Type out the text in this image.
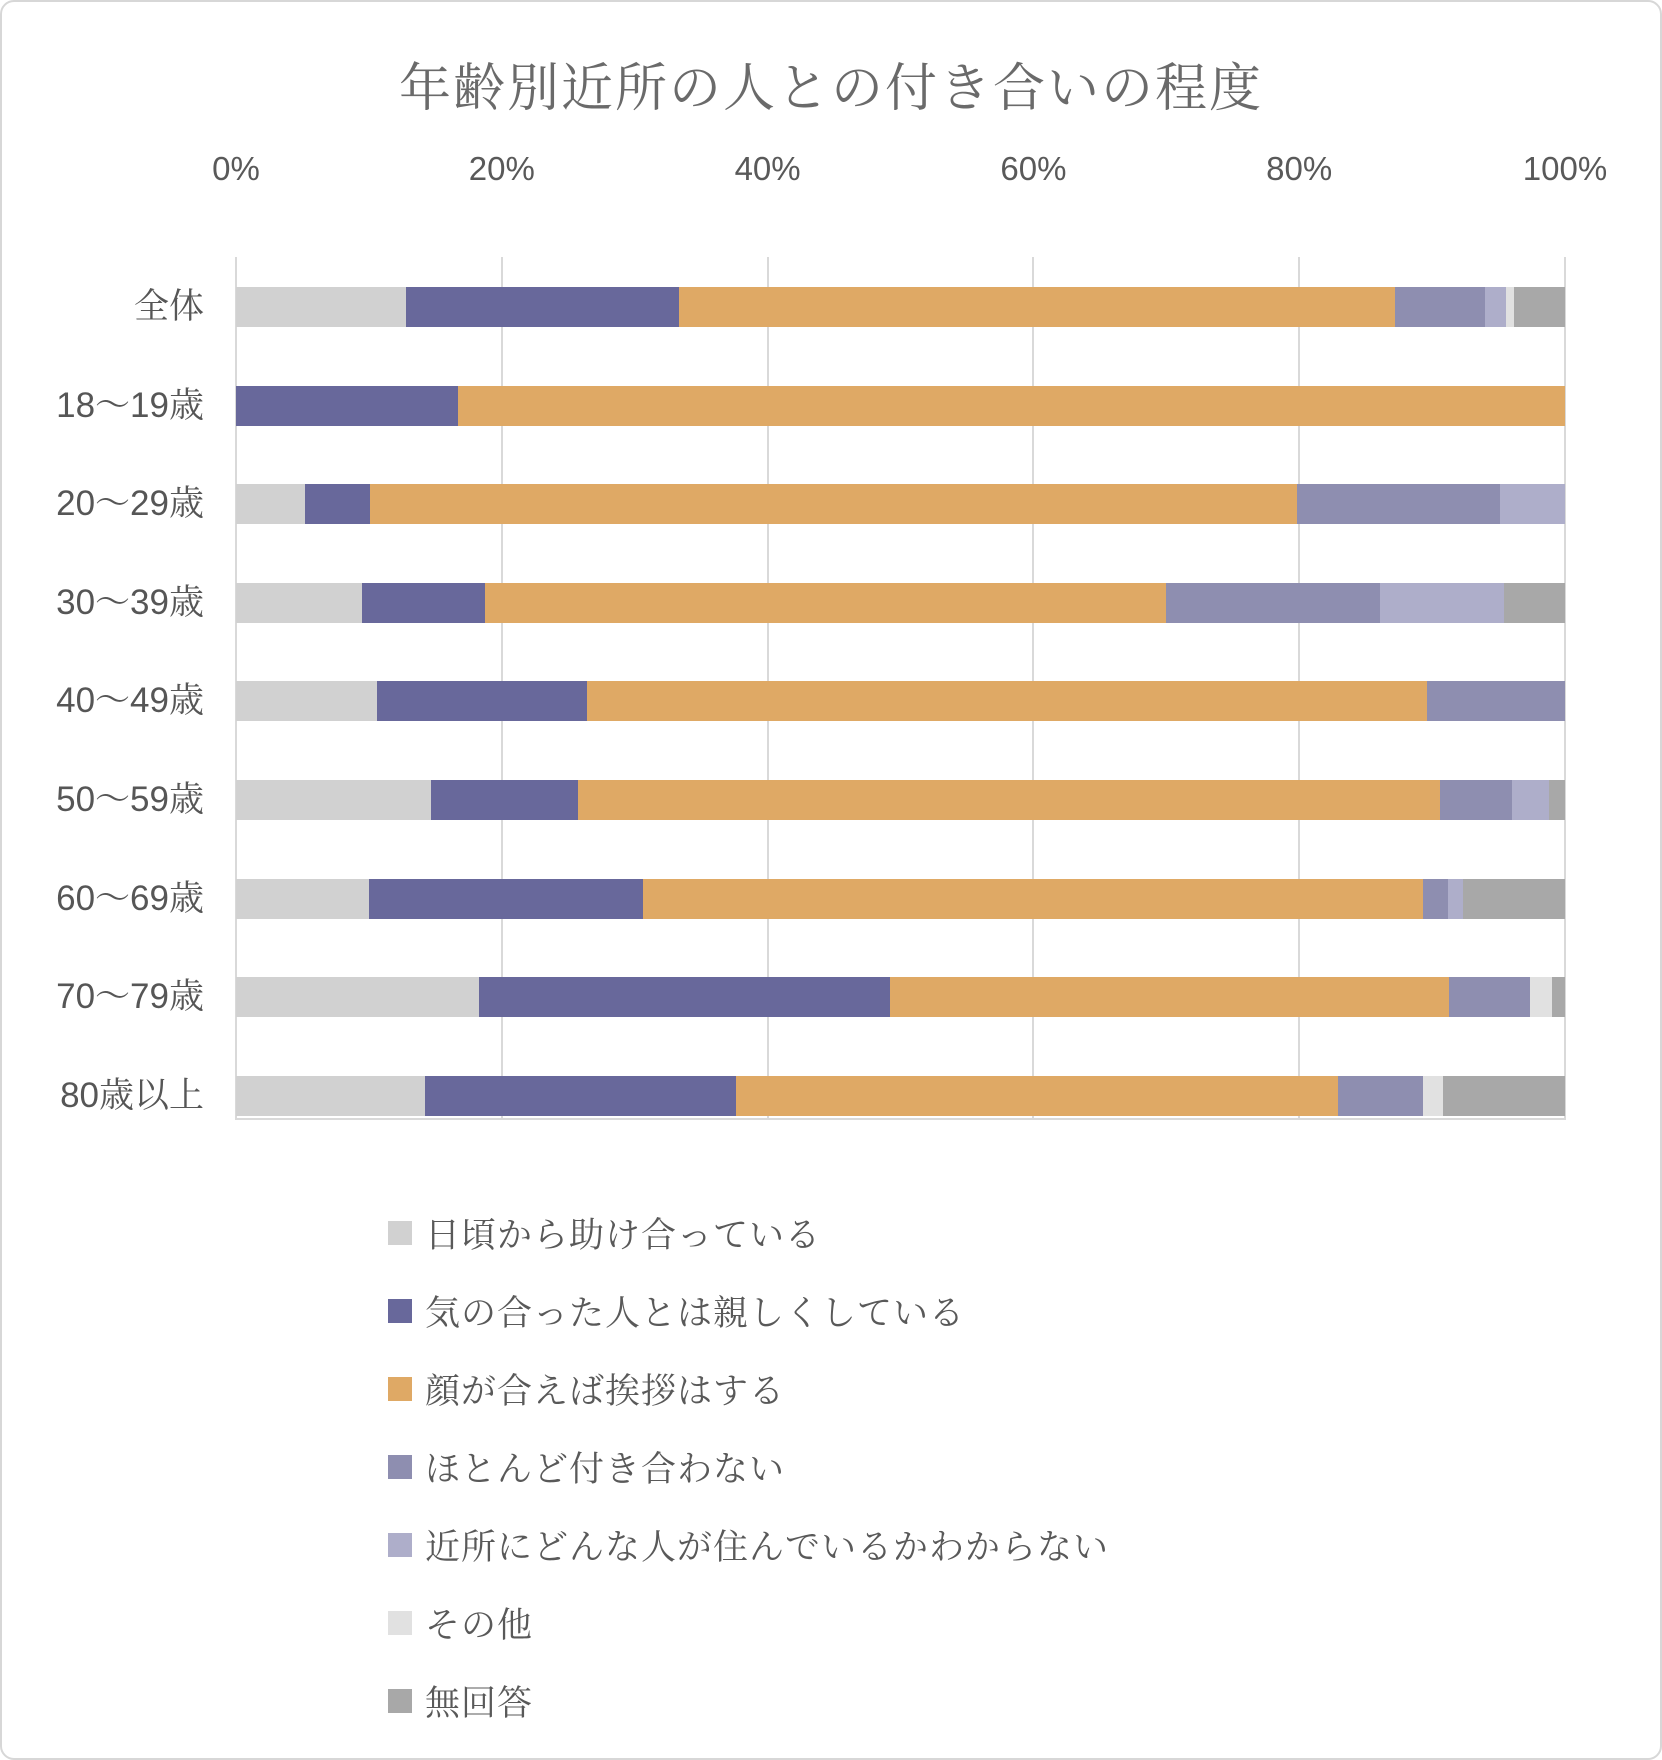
年齢別近所の人との付き合いの程度
0%	20%	40%	60%	80%	100%
全体
18〜19歳
20〜29歳
30〜39歳
40〜49歳
50〜59歳
60〜69歳
70〜79歳
80歳以上
日頃から助け合っている
気の合った人とは親しくしている
顔が合えば挨拶はする
ほとんど付き合わない
近所にどんな人が住んでいるかわからない
その他
無回答
